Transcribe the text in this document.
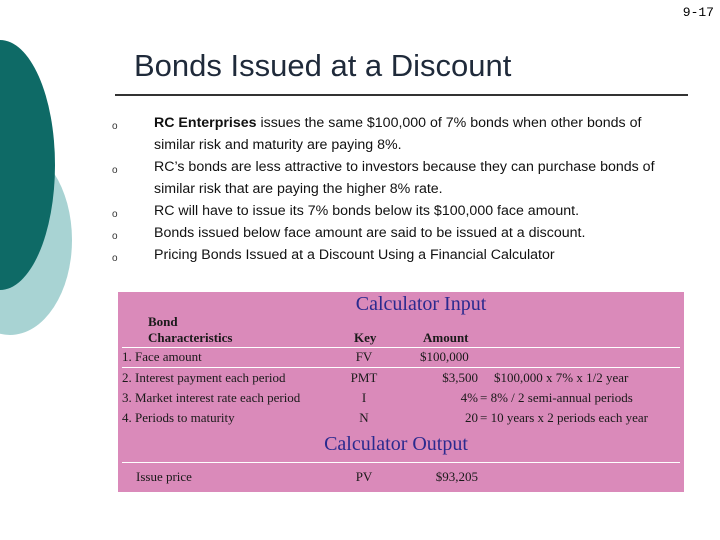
9-17
Bonds Issued at a Discount
o	RC Enterprises issues the same $100,000 of 7% bonds when other bonds of similar risk and maturity are paying 8%.
o	RC’s bonds are less attractive to investors because they can purchase bonds of similar risk that are paying the higher 8% rate.
o	RC will have to issue its 7% bonds below its $100,000 face amount.
o	Bonds issued below face amount are said to be issued at a discount.
o	Pricing Bonds Issued at a Discount Using a Financial Calculator
Calculator Input
Bond
Characteristics	Key	Amount
1. Face amount	FV	$100,000
2. Interest payment each period	PMT	$3,500 $100,000 x 7% x 1/2 year
3. Market interest rate each period	I	4% = 8% / 2 semi-annual periods
4. Periods to maturity	N	20 = 10 years x 2 periods each year
Calculator Output
Issue price	PV	$93,205
